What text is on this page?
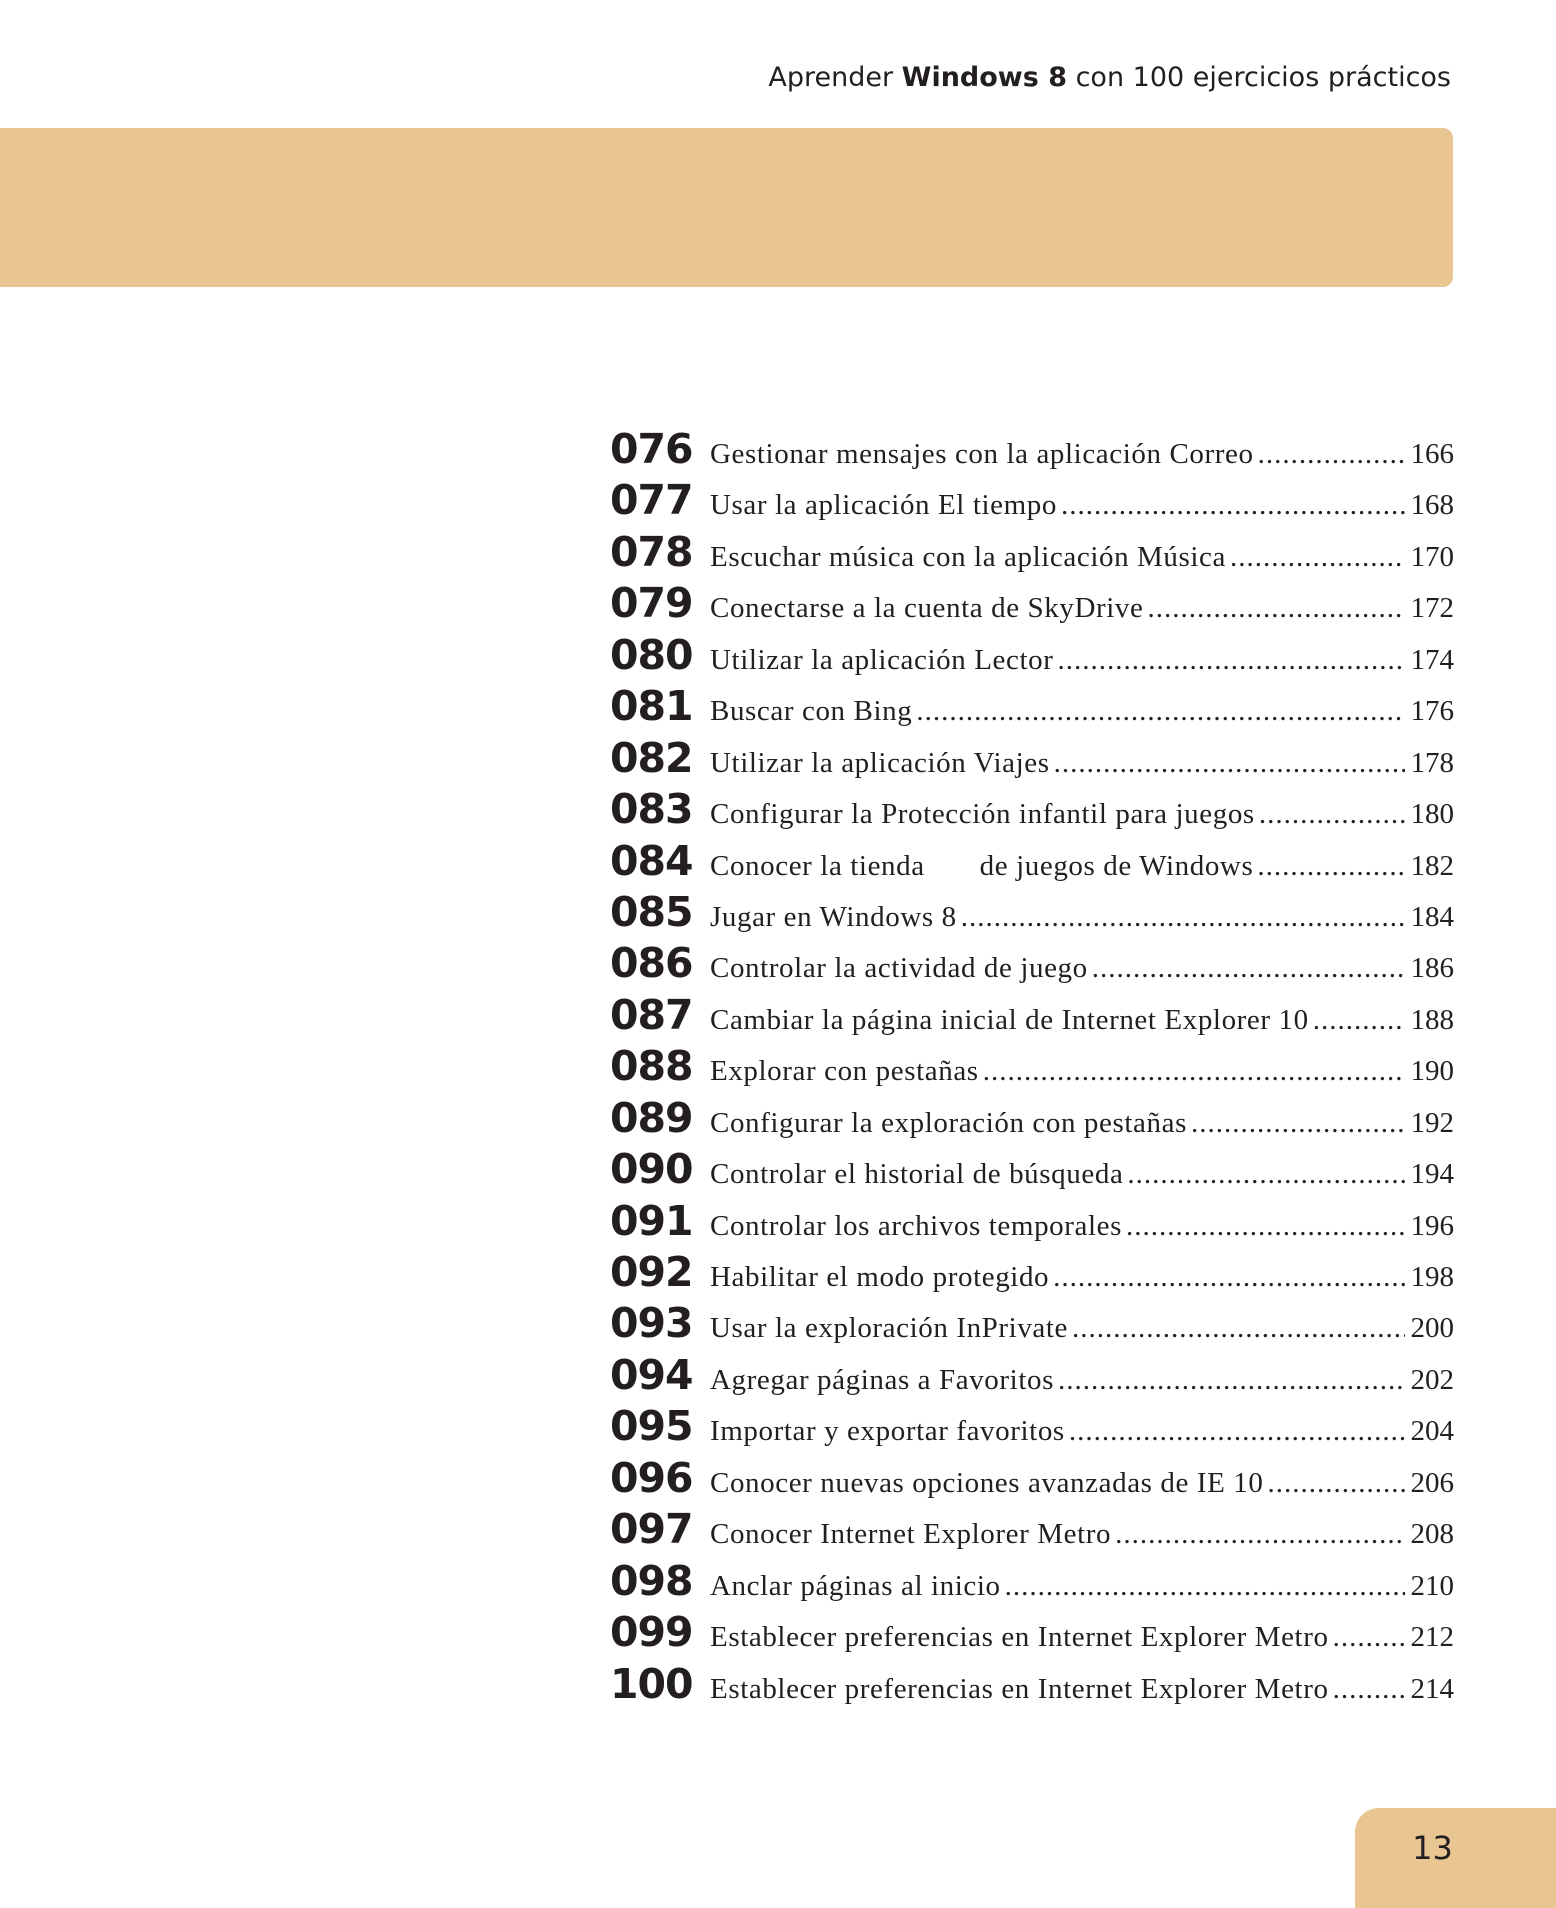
Aprender Windows 8 con 100 ejercicios prácticos
076 Gestionar mensajes con la aplicación Correo .....	166
077 Usar la aplicación El tiempo .....	168
078 Escuchar música con la aplicación Música .....	170
079 Conectarse a la cuenta de SkyDrive .....	172
080 Utilizar la aplicación Lector .....	174
081 Buscar con Bing .....	176
082 Utilizar la aplicación Viajes .....	178
083 Configurar la Protección infantil para juegos .....	180
084 Conocer la tienda       de juegos de Windows .....	182
085 Jugar en Windows 8 .....	184
086 Controlar la actividad de juego .....	186
087 Cambiar la página inicial de Internet Explorer 10 .....	188
088 Explorar con pestañas .....	190
089 Configurar la exploración con pestañas .....	192
090 Controlar el historial de búsqueda .....	194
091 Controlar los archivos temporales .....	196
092 Habilitar el modo protegido .....	198
093 Usar la exploración InPrivate .....	200
094 Agregar páginas a Favoritos .....	202
095 Importar y exportar favoritos .....	204
096 Conocer nuevas opciones avanzadas de IE 10 .....	206
097 Conocer Internet Explorer Metro .....	208
098 Anclar páginas al inicio .....	210
099 Establecer preferencias en Internet Explorer Metro .....	212
100 Establecer preferencias en Internet Explorer Metro .....	214
13
